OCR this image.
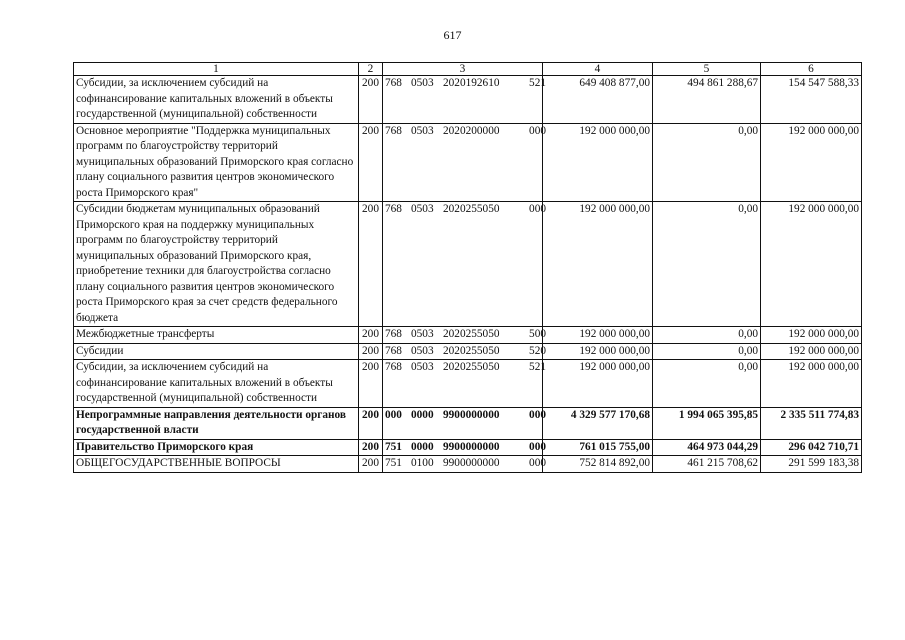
617
1	2	3	4	5	6
Субсидии, за исключением субсидий на софинансирование капитальных вложений в объекты государственной (муниципальной) собственности	200	768 0503 2020192610 521	649 408 877,00	494 861 288,67	154 547 588,33
Основное мероприятие "Поддержка муниципальных программ по благоустройству территорий муниципальных образований Приморского края согласно плану социального развития центров экономического роста Приморского края"	200	768 0503 2020200000 000	192 000 000,00	0,00	192 000 000,00
Субсидии бюджетам муниципальных образований Приморского края на поддержку муниципальных программ по благоустройству территорий муниципальных образований Приморского края, приобретение техники для благоустройства согласно плану социального развития центров экономического роста Приморского края за счет средств федерального бюджета	200	768 0503 2020255050 000	192 000 000,00	0,00	192 000 000,00
Межбюджетные трансферты	200	768 0503 2020255050 500	192 000 000,00	0,00	192 000 000,00
Субсидии	200	768 0503 2020255050 520	192 000 000,00	0,00	192 000 000,00
Субсидии, за исключением субсидий на софинансирование капитальных вложений в объекты государственной (муниципальной) собственности	200	768 0503 2020255050 521	192 000 000,00	0,00	192 000 000,00
Непрограммные направления деятельности органов государственной власти	200	000 0000 9900000000 000	4 329 577 170,68	1 994 065 395,85	2 335 511 774,83
Правительство Приморского края	200	751 0000 9900000000 000	761 015 755,00	464 973 044,29	296 042 710,71
ОБЩЕГОСУДАРСТВЕННЫЕ ВОПРОСЫ	200	751 0100 9900000000 000	752 814 892,00	461 215 708,62	291 599 183,38
